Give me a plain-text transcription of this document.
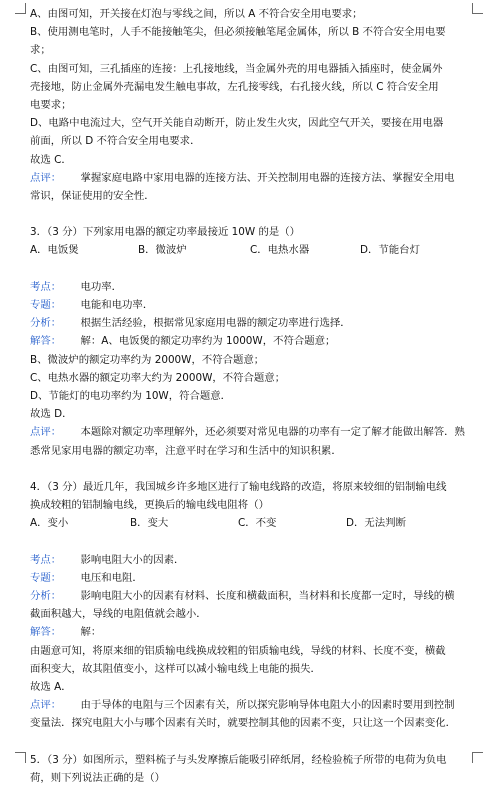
A、由图可知，开关接在灯泡与零线之间，所以 A 不符合安全用电要求；
B、使用测电笔时，人手不能接触笔尖，但必须接触笔尾金属体，所以 B 不符合安全用电要
求；
C、由图可知，三孔插座的连接：上孔接地线，当金属外壳的用电器插入插座时，使金属外
壳接地，防止金属外壳漏电发生触电事故，左孔接零线，右孔接火线，所以 C 符合安全用
电要求；
D、电路中电流过大，空气开关能自动断开，防止发生火灾，因此空气开关，要接在用电器
前面，所以 D 不符合安全用电要求．
故选 C．
点评： 掌握家庭电路中家用电器的连接方法、开关控制用电器的连接方法、掌握安全用电
常识，保证使用的安全性．
3．（3 分）下列家用电器的额定功率最接近 10W 的是（）
A．电饭煲	B．微波炉	C．电热水器	D．节能台灯
考点： 电功率．
专题： 电能和电功率．
分析： 根据生活经验，根据常见家庭用电器的额定功率进行选择．
解答： 解：A、电饭煲的额定功率约为 1000W，不符合题意；
B、微波炉的额定功率约为 2000W，不符合题意；
C、电热水器的额定功率大约为 2000W，不符合题意；
D、节能灯的电功率约为 10W，符合题意．
故选 D．
点评： 本题除对额定功率理解外，还必须要对常见电器的功率有一定了解才能做出解答．熟
悉常见家用电器的额定功率，注意平时在学习和生活中的知识积累．
4．（3 分）最近几年，我国城乡许多地区进行了输电线路的改造，将原来较细的铝制输电线
换成较粗的铝制输电线，更换后的输电线电阻将（）
A．变小	B．变大	C．不变	D．无法判断
考点： 影响电阻大小的因素．
专题： 电压和电阻．
分析： 影响电阻大小的因素有材料、长度和横截面积，当材料和长度都一定时，导线的横
截面积越大，导线的电阻值就会越小．
解答： 解：
由题意可知，将原来细的铝质输电线换成较粗的铝质输电线，导线的材料、长度不变，横截
面积变大，故其阻值变小，这样可以减小输电线上电能的损失．
故选 A．
点评： 由于导体的电阻与三个因素有关，所以探究影响导体电阻大小的因素时要用到控制
变量法．探究电阻大小与哪个因素有关时，就要控制其他的因素不变，只让这一个因素变化．
5．（3 分）如图所示，塑料梳子与头发摩擦后能吸引碎纸屑，经检验梳子所带的电荷为负电
荷，则下列说法正确的是（）
